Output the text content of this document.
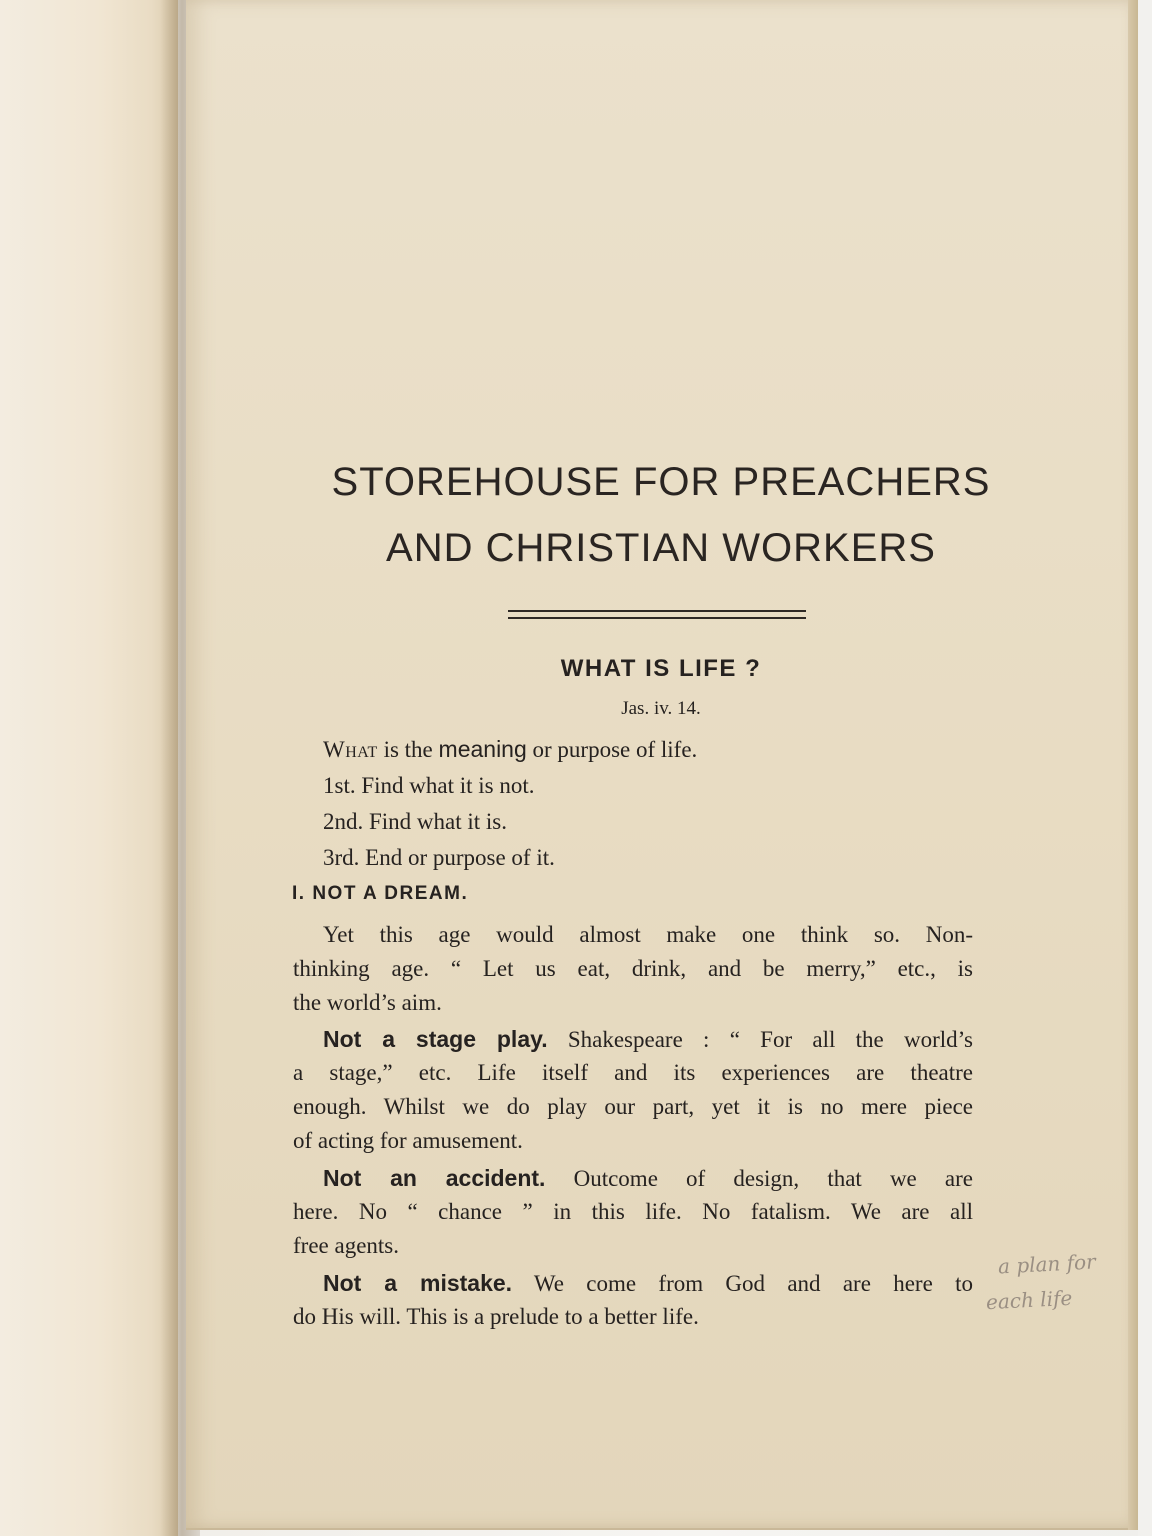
STOREHOUSE FOR PREACHERS
AND CHRISTIAN WORKERS
WHAT IS LIFE ?
Jas. iv. 14.
What is the meaning or purpose of life.
1st. Find what it is not.
2nd. Find what it is.
3rd. End or purpose of it.
I. NOT A DREAM.
Yet this age would almost make one think so. Non-
thinking age. “ Let us eat, drink, and be merry,” etc., is
the world’s aim.
Not a stage play. Shakespeare : “ For all the world’s
a stage,” etc. Life itself and its experiences are theatre
enough. Whilst we do play our part, yet it is no mere piece
of acting for amusement.
Not an accident. Outcome of design, that we are
here. No “ chance ” in this life. No fatalism. We are all
free agents.
Not a mistake. We come from God and are here to
do His will. This is a prelude to a better life.
a plan for
each life
